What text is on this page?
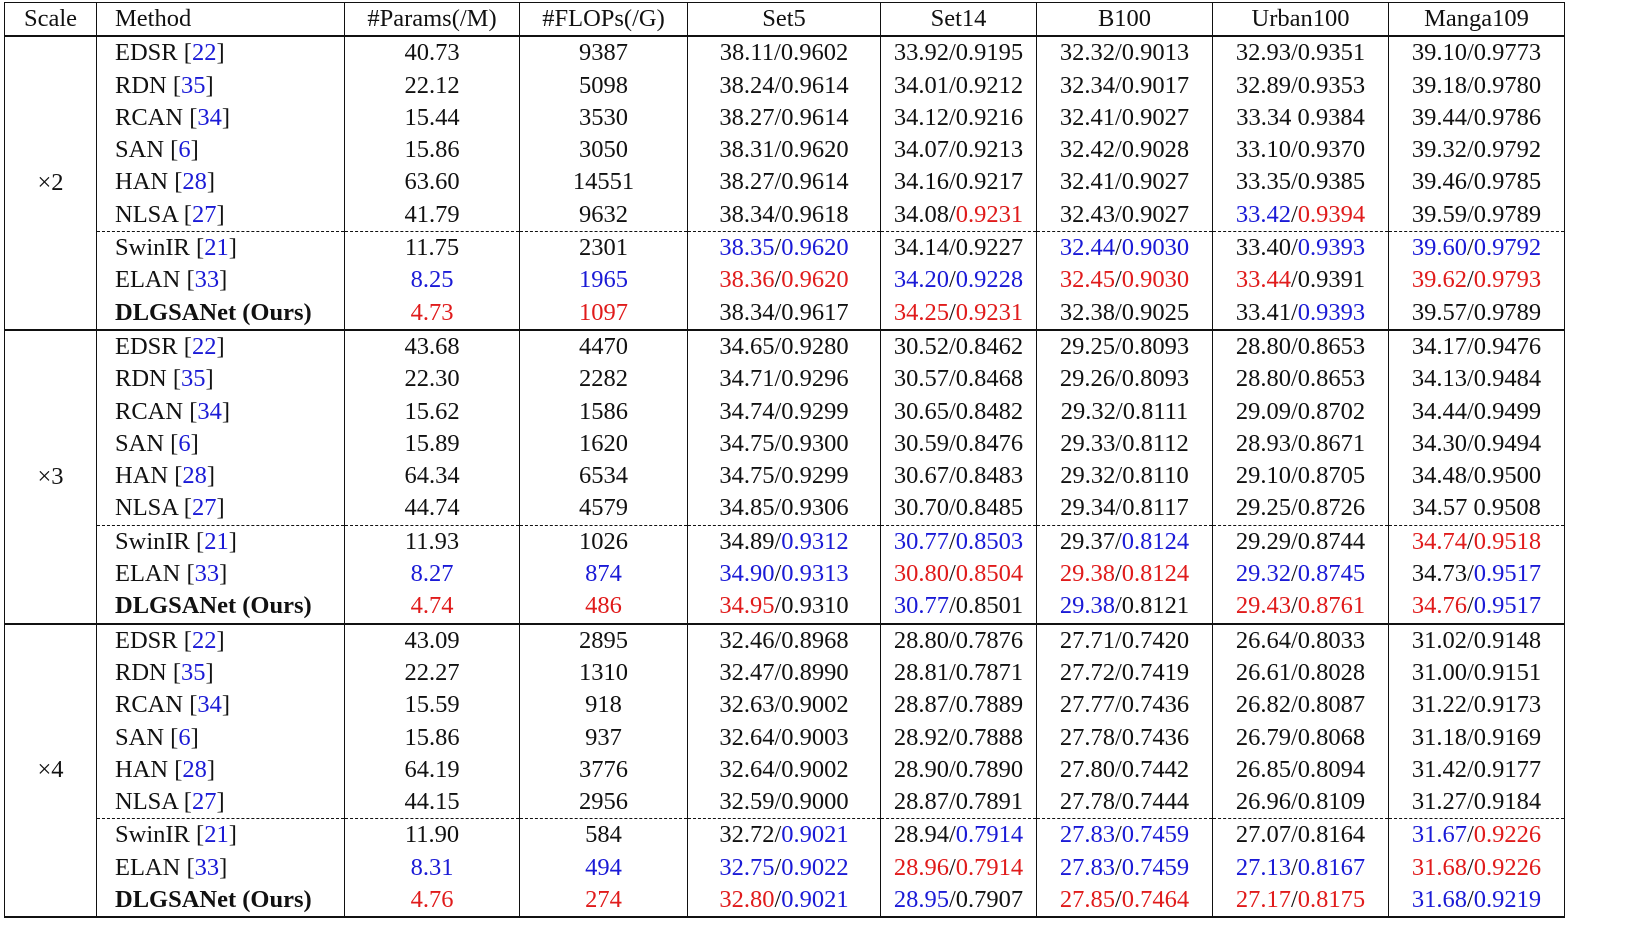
Scale	Method	#Params(/M)	#FLOPs(/G)	Set5	Set14	B100	Urban100	Manga109
×2	EDSR [22]	40.73	9387	38.11/0.9602	33.92/0.9195	32.32/0.9013	32.93/0.9351	39.10/0.9773
	RDN [35]	22.12	5098	38.24/0.9614	34.01/0.9212	32.34/0.9017	32.89/0.9353	39.18/0.9780
	RCAN [34]	15.44	3530	38.27/0.9614	34.12/0.9216	32.41/0.9027	33.34 0.9384	39.44/0.9786
	SAN [6]	15.86	3050	38.31/0.9620	34.07/0.9213	32.42/0.9028	33.10/0.9370	39.32/0.9792
	HAN [28]	63.60	14551	38.27/0.9614	34.16/0.9217	32.41/0.9027	33.35/0.9385	39.46/0.9785
	NLSA [27]	41.79	9632	38.34/0.9618	34.08/0.9231	32.43/0.9027	33.42/0.9394	39.59/0.9789
	SwinIR [21]	11.75	2301	38.35/0.9620	34.14/0.9227	32.44/0.9030	33.40/0.9393	39.60/0.9792
	ELAN [33]	8.25	1965	38.36/0.9620	34.20/0.9228	32.45/0.9030	33.44/0.9391	39.62/0.9793
	DLGSANet (Ours)	4.73	1097	38.34/0.9617	34.25/0.9231	32.38/0.9025	33.41/0.9393	39.57/0.9789
×3	EDSR [22]	43.68	4470	34.65/0.9280	30.52/0.8462	29.25/0.8093	28.80/0.8653	34.17/0.9476
	RDN [35]	22.30	2282	34.71/0.9296	30.57/0.8468	29.26/0.8093	28.80/0.8653	34.13/0.9484
	RCAN [34]	15.62	1586	34.74/0.9299	30.65/0.8482	29.32/0.8111	29.09/0.8702	34.44/0.9499
	SAN [6]	15.89	1620	34.75/0.9300	30.59/0.8476	29.33/0.8112	28.93/0.8671	34.30/0.9494
	HAN [28]	64.34	6534	34.75/0.9299	30.67/0.8483	29.32/0.8110	29.10/0.8705	34.48/0.9500
	NLSA [27]	44.74	4579	34.85/0.9306	30.70/0.8485	29.34/0.8117	29.25/0.8726	34.57 0.9508
	SwinIR [21]	11.93	1026	34.89/0.9312	30.77/0.8503	29.37/0.8124	29.29/0.8744	34.74/0.9518
	ELAN [33]	8.27	874	34.90/0.9313	30.80/0.8504	29.38/0.8124	29.32/0.8745	34.73/0.9517
	DLGSANet (Ours)	4.74	486	34.95/0.9310	30.77/0.8501	29.38/0.8121	29.43/0.8761	34.76/0.9517
×4	EDSR [22]	43.09	2895	32.46/0.8968	28.80/0.7876	27.71/0.7420	26.64/0.8033	31.02/0.9148
	RDN [35]	22.27	1310	32.47/0.8990	28.81/0.7871	27.72/0.7419	26.61/0.8028	31.00/0.9151
	RCAN [34]	15.59	918	32.63/0.9002	28.87/0.7889	27.77/0.7436	26.82/0.8087	31.22/0.9173
	SAN [6]	15.86	937	32.64/0.9003	28.92/0.7888	27.78/0.7436	26.79/0.8068	31.18/0.9169
	HAN [28]	64.19	3776	32.64/0.9002	28.90/0.7890	27.80/0.7442	26.85/0.8094	31.42/0.9177
	NLSA [27]	44.15	2956	32.59/0.9000	28.87/0.7891	27.78/0.7444	26.96/0.8109	31.27/0.9184
	SwinIR [21]	11.90	584	32.72/0.9021	28.94/0.7914	27.83/0.7459	27.07/0.8164	31.67/0.9226
	ELAN [33]	8.31	494	32.75/0.9022	28.96/0.7914	27.83/0.7459	27.13/0.8167	31.68/0.9226
	DLGSANet (Ours)	4.76	274	32.80/0.9021	28.95/0.7907	27.85/0.7464	27.17/0.8175	31.68/0.9219
